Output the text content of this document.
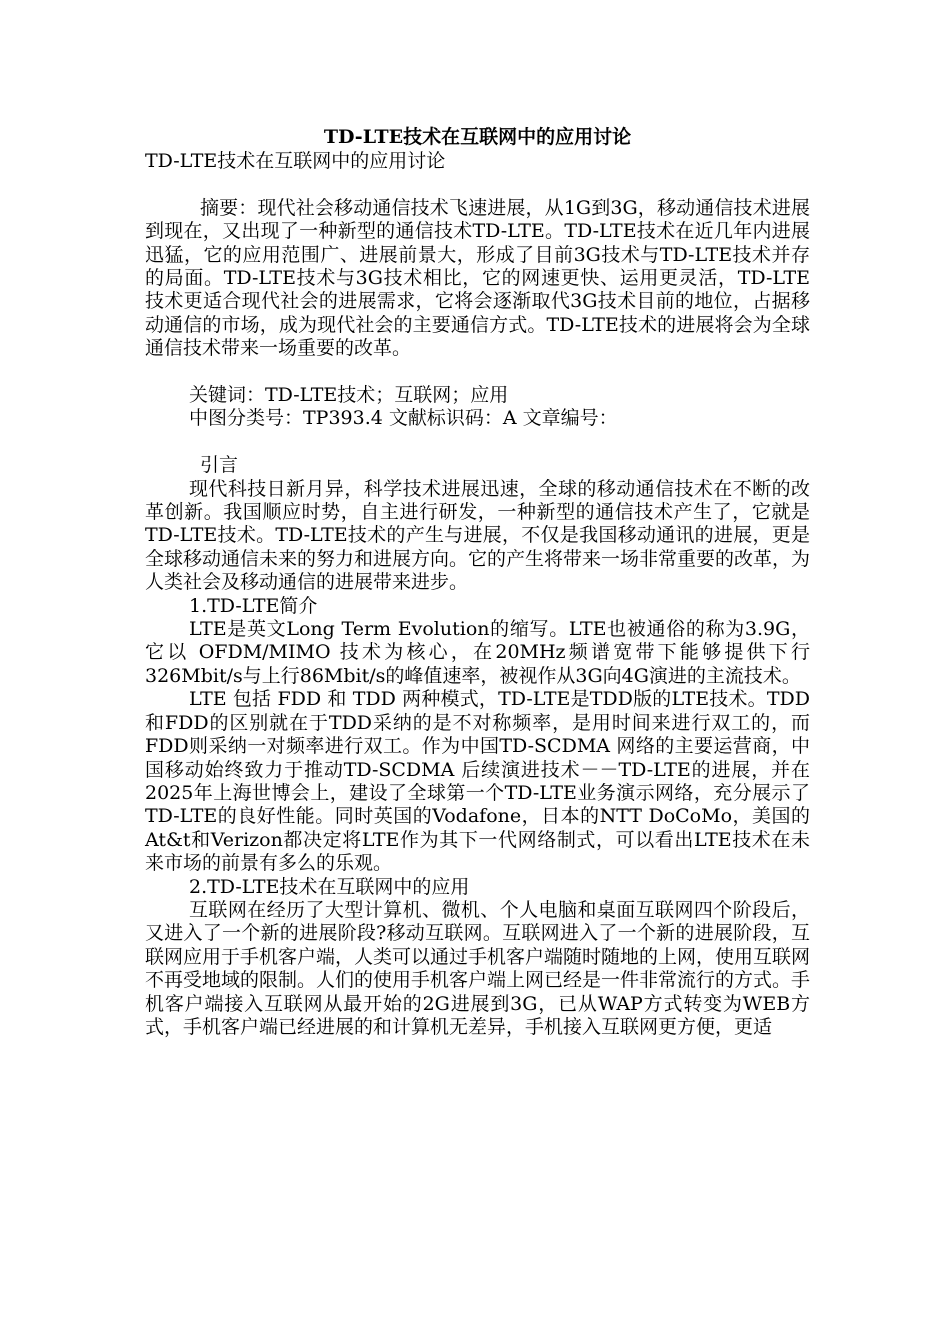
TD-LTE技术在互联网中的应用讨论

TD-LTE技术在互联网中的应用讨论

摘要：现代社会移动通信技术飞速进展，从1G到3G，移动通信技术进展到现在，又出现了一种新型的通信技术TD-LTE。TD-LTE技术在近几年内进展迅猛，它的应用范围广、进展前景大，形成了目前3G技术与TD-LTE技术并存的局面。TD-LTE技术与3G技术相比，它的网速更快、运用更灵活，TD-LTE技术更适合现代社会的进展需求，它将会逐渐取代3G技术目前的地位，占据移动通信的市场，成为现代社会的主要通信方式。TD-LTE技术的进展将会为全球通信技术带来一场重要的改革。

关键词：TD-LTE技术；互联网；应用

中图分类号：TP393.4 文献标识码：A 文章编号：

引言

现代科技日新月异，科学技术进展迅速，全球的移动通信技术在不断的改革创新。我国顺应时势，自主进行研发，一种新型的通信技术产生了，它就是TD-LTE技术。TD-LTE技术的产生与进展，不仅是我国移动通讯的进展，更是全球移动通信未来的努力和进展方向。它的产生将带来一场非常重要的改革，为人类社会及移动通信的进展带来进步。

1.TD-LTE简介

LTE是英文Long Term Evolution的缩写。LTE也被通俗的称为3.9G，它以 OFDM/MIMO 技术为核心，在20MHz频谱宽带下能够提供下行326Mbit/s与上行86Mbit/s的峰值速率，被视作从3G向4G演进的主流技术。

LTE 包括 FDD 和 TDD 两种模式，TD-LTE是TDD版的LTE技术。TDD和FDD的区别就在于TDD采纳的是不对称频率，是用时间来进行双工的，而FDD则采纳一对频率进行双工。作为中国TD-SCDMA 网络的主要运营商，中国移动始终致力于推动TD-SCDMA 后续演进技术－－TD-LTE的进展，并在2025年上海世博会上，建设了全球第一个TD-LTE业务演示网络，充分展示了TD-LTE的良好性能。同时英国的Vodafone，日本的NTT DoCoMo，美国的At&t和Verizon都决定将LTE作为其下一代网络制式，可以看出LTE技术在未来市场的前景有多么的乐观。

2.TD-LTE技术在互联网中的应用

互联网在经历了大型计算机、微机、个人电脑和桌面互联网四个阶段后，又进入了一个新的进展阶段?移动互联网。互联网进入了一个新的进展阶段，互联网应用于手机客户端，人类可以通过手机客户端随时随地的上网，使用互联网不再受地域的限制。人们的使用手机客户端上网已经是一件非常流行的方式。手机客户端接入互联网从最开始的2G进展到3G，已从WAP方式转变为WEB方式，手机客户端已经进展的和计算机无差异，手机接入互联网更方便，更适
